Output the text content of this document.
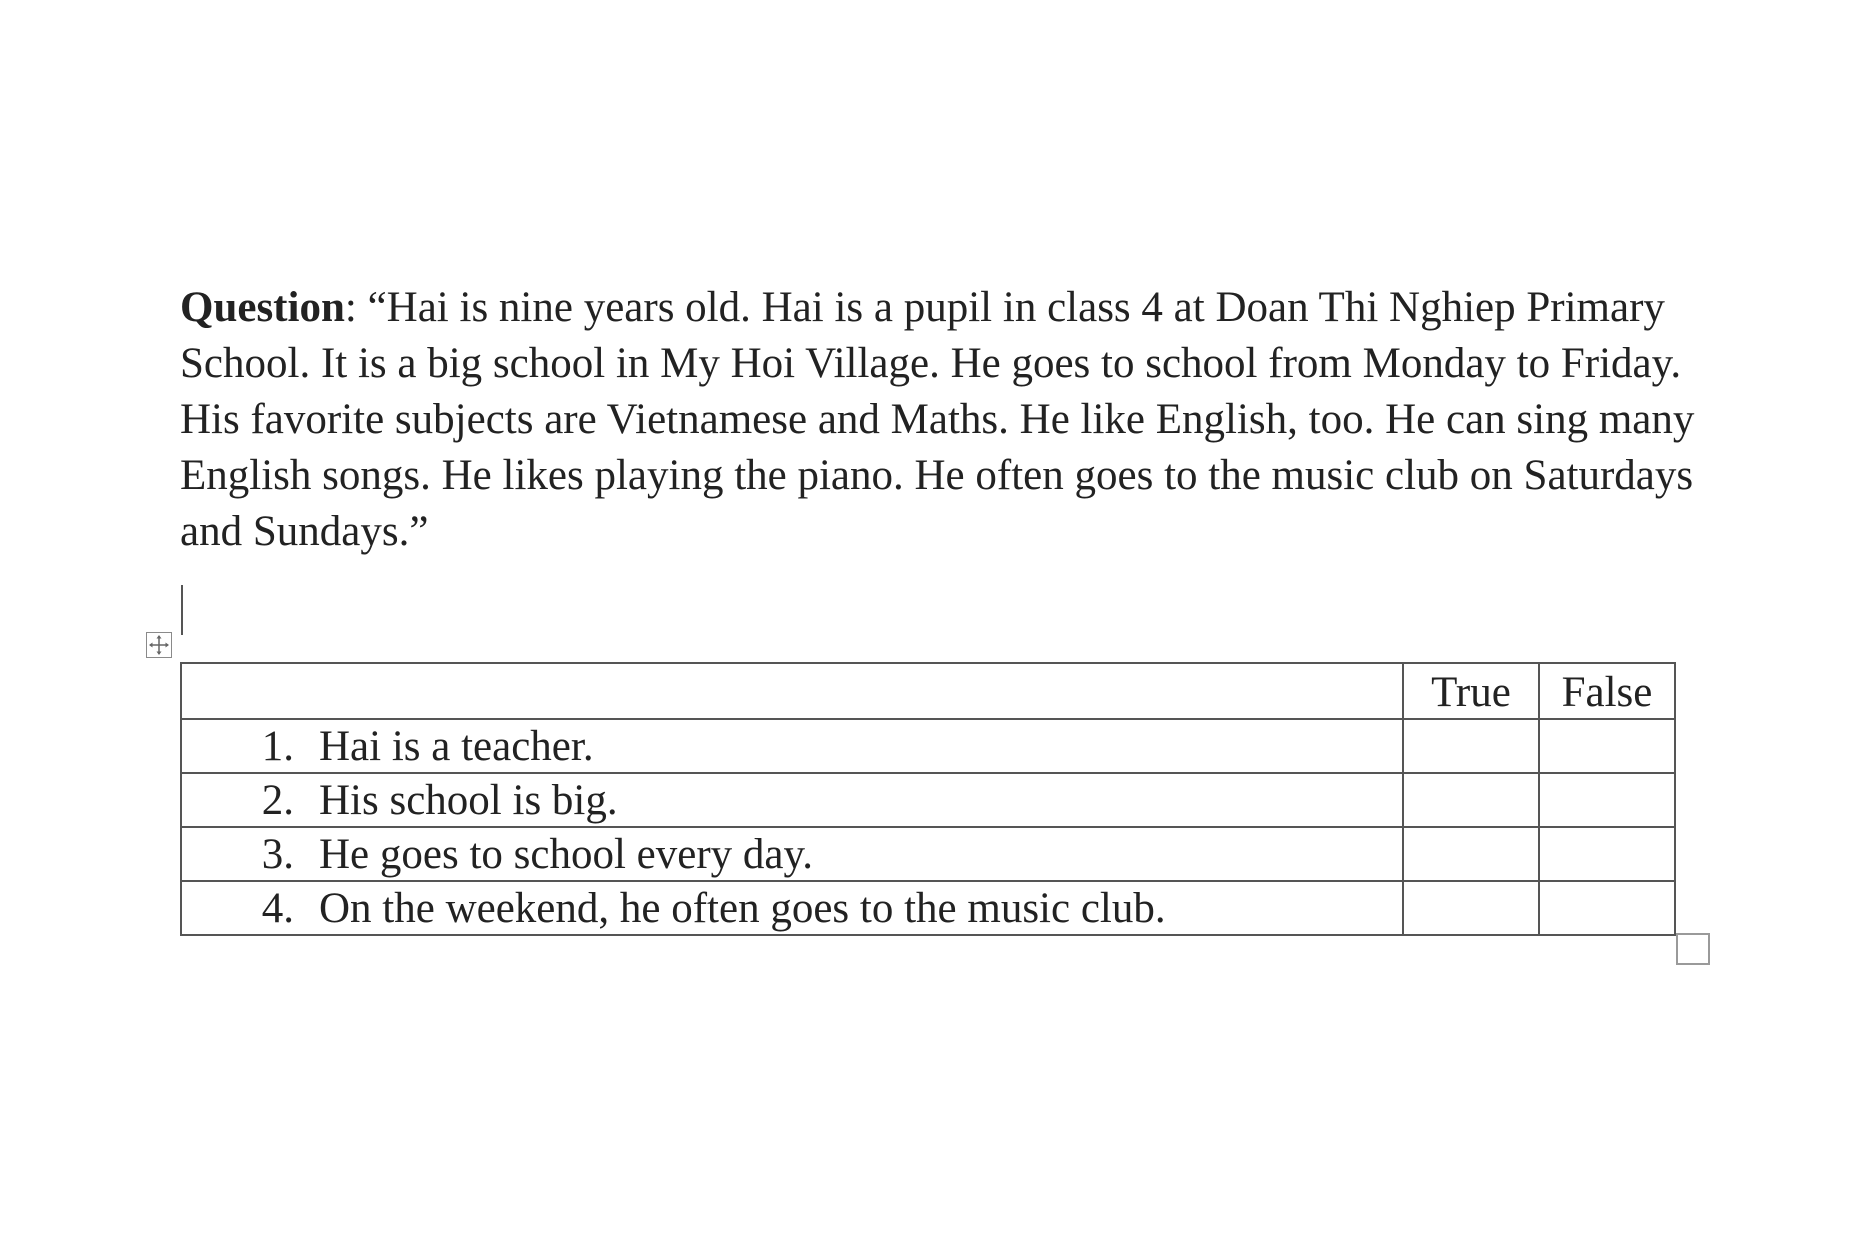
Question: “Hai is nine years old. Hai is a pupil in class 4 at Doan Thi Nghiep Primary School. It is a big school in My Hoi Village. He goes to school from Monday to Friday. His favorite subjects are Vietnamese and Maths. He like English, too. He can sing many English songs. He likes playing the piano. He often goes to the music club on Saturdays and Sundays.”

	True	False
1. Hai is a teacher.		
2. His school is big.		
3. He goes to school every day.		
4. On the weekend, he often goes to the music club.		
